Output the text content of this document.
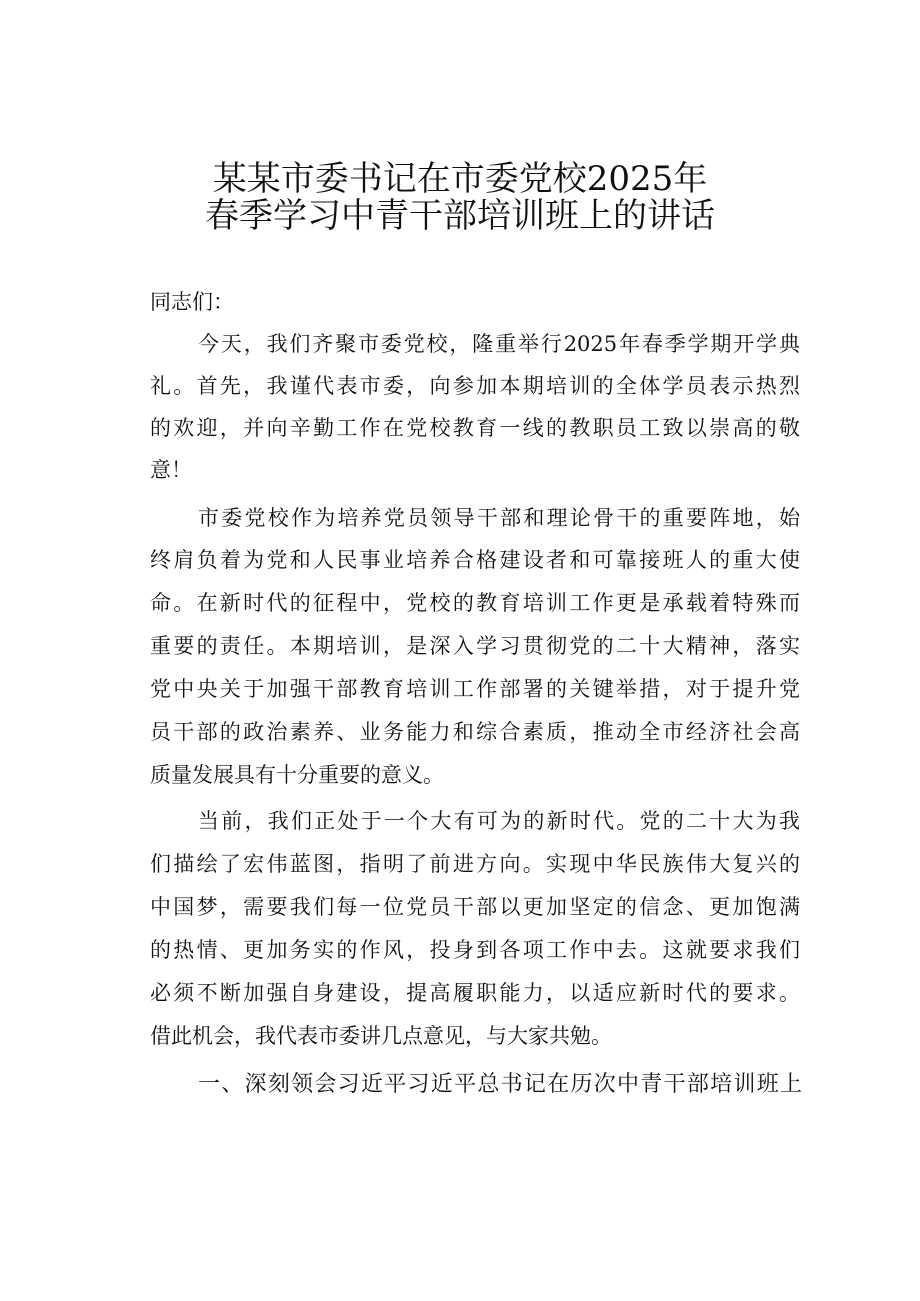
某某市委书记在市委党校2025年
春季学习中青干部培训班上的讲话
同志们：
今天，我们齐聚市委党校，隆重举行2025年春季学期开学典
礼。首先，我谨代表市委，向参加本期培训的全体学员表示热烈
的欢迎，并向辛勤工作在党校教育一线的教职员工致以崇高的敬
意！
市委党校作为培养党员领导干部和理论骨干的重要阵地，始
终肩负着为党和人民事业培养合格建设者和可靠接班人的重大使
命。在新时代的征程中，党校的教育培训工作更是承载着特殊而
重要的责任。本期培训，是深入学习贯彻党的二十大精神，落实
党中央关于加强干部教育培训工作部署的关键举措，对于提升党
员干部的政治素养、业务能力和综合素质，推动全市经济社会高
质量发展具有十分重要的意义。
当前，我们正处于一个大有可为的新时代。党的二十大为我
们描绘了宏伟蓝图，指明了前进方向。实现中华民族伟大复兴的
中国梦，需要我们每一位党员干部以更加坚定的信念、更加饱满
的热情、更加务实的作风，投身到各项工作中去。这就要求我们
必须不断加强自身建设，提高履职能力，以适应新时代的要求。
借此机会，我代表市委讲几点意见，与大家共勉。
一、深刻领会习近平习近平总书记在历次中青干部培训班上
